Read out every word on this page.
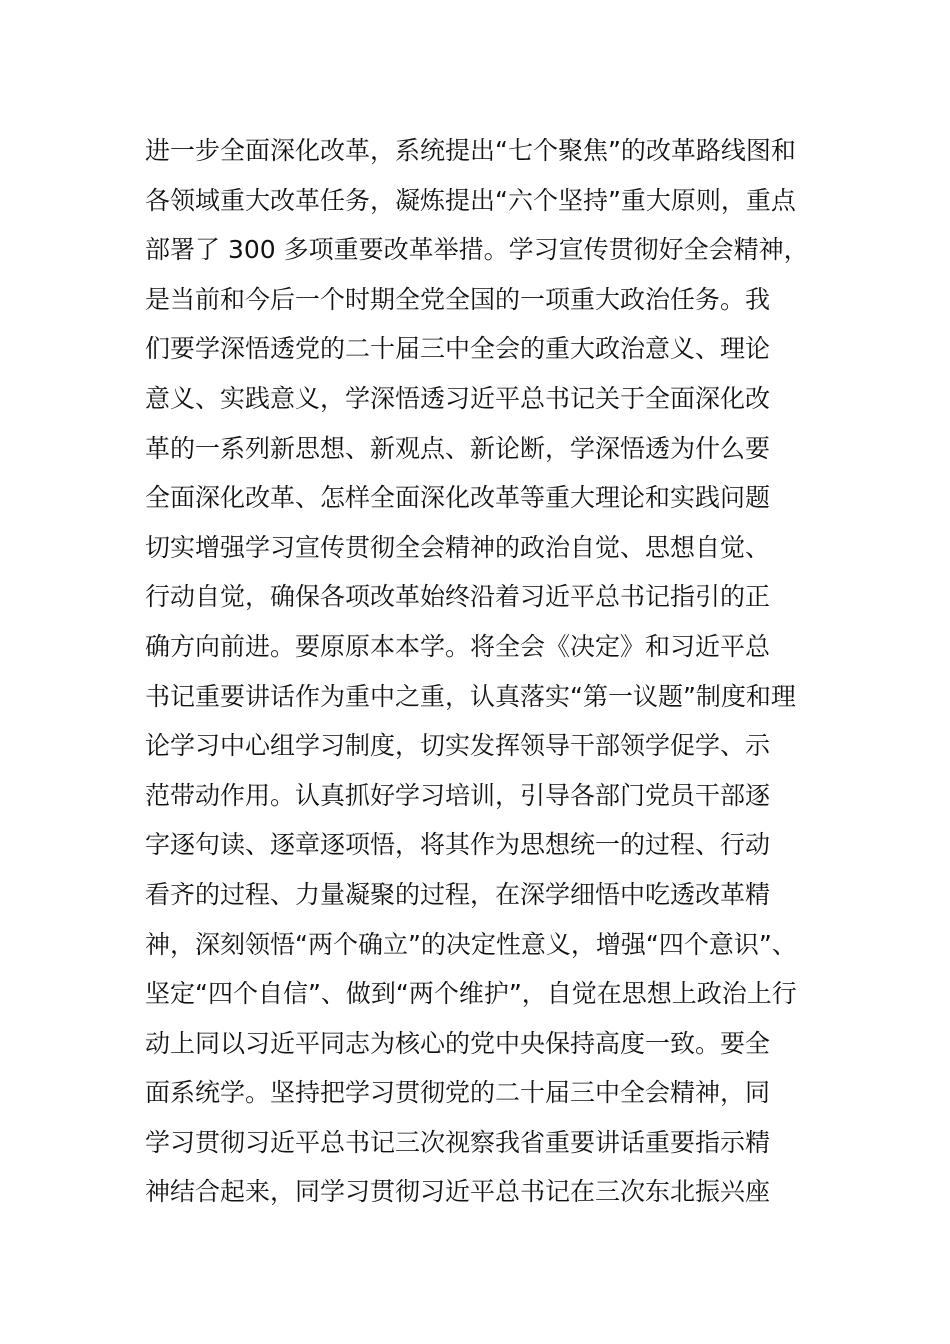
进一步全面深化改革，系统提出“七个聚焦”的改革路线图和
各领域重大改革任务，凝炼提出“六个坚持”重大原则，重点
部署了 300 多项重要改革举措。学习宣传贯彻好全会精神，
是当前和今后一个时期全党全国的一项重大政治任务。我
们要学深悟透党的二十届三中全会的重大政治意义、理论
意义、实践意义，学深悟透习近平总书记关于全面深化改
革的一系列新思想、新观点、新论断，学深悟透为什么要
全面深化改革、怎样全面深化改革等重大理论和实践问题
切实增强学习宣传贯彻全会精神的政治自觉、思想自觉、
行动自觉，确保各项改革始终沿着习近平总书记指引的正
确方向前进。要原原本本学。将全会《决定》和习近平总
书记重要讲话作为重中之重，认真落实“第一议题”制度和理
论学习中心组学习制度，切实发挥领导干部领学促学、示
范带动作用。认真抓好学习培训，引导各部门党员干部逐
字逐句读、逐章逐项悟，将其作为思想统一的过程、行动
看齐的过程、力量凝聚的过程，在深学细悟中吃透改革精
神，深刻领悟“两个确立”的决定性意义，增强“四个意识”、
坚定“四个自信”、做到“两个维护”，自觉在思想上政治上行
动上同以习近平同志为核心的党中央保持高度一致。要全
面系统学。坚持把学习贯彻党的二十届三中全会精神，同
学习贯彻习近平总书记三次视察我省重要讲话重要指示精
神结合起来，同学习贯彻习近平总书记在三次东北振兴座
